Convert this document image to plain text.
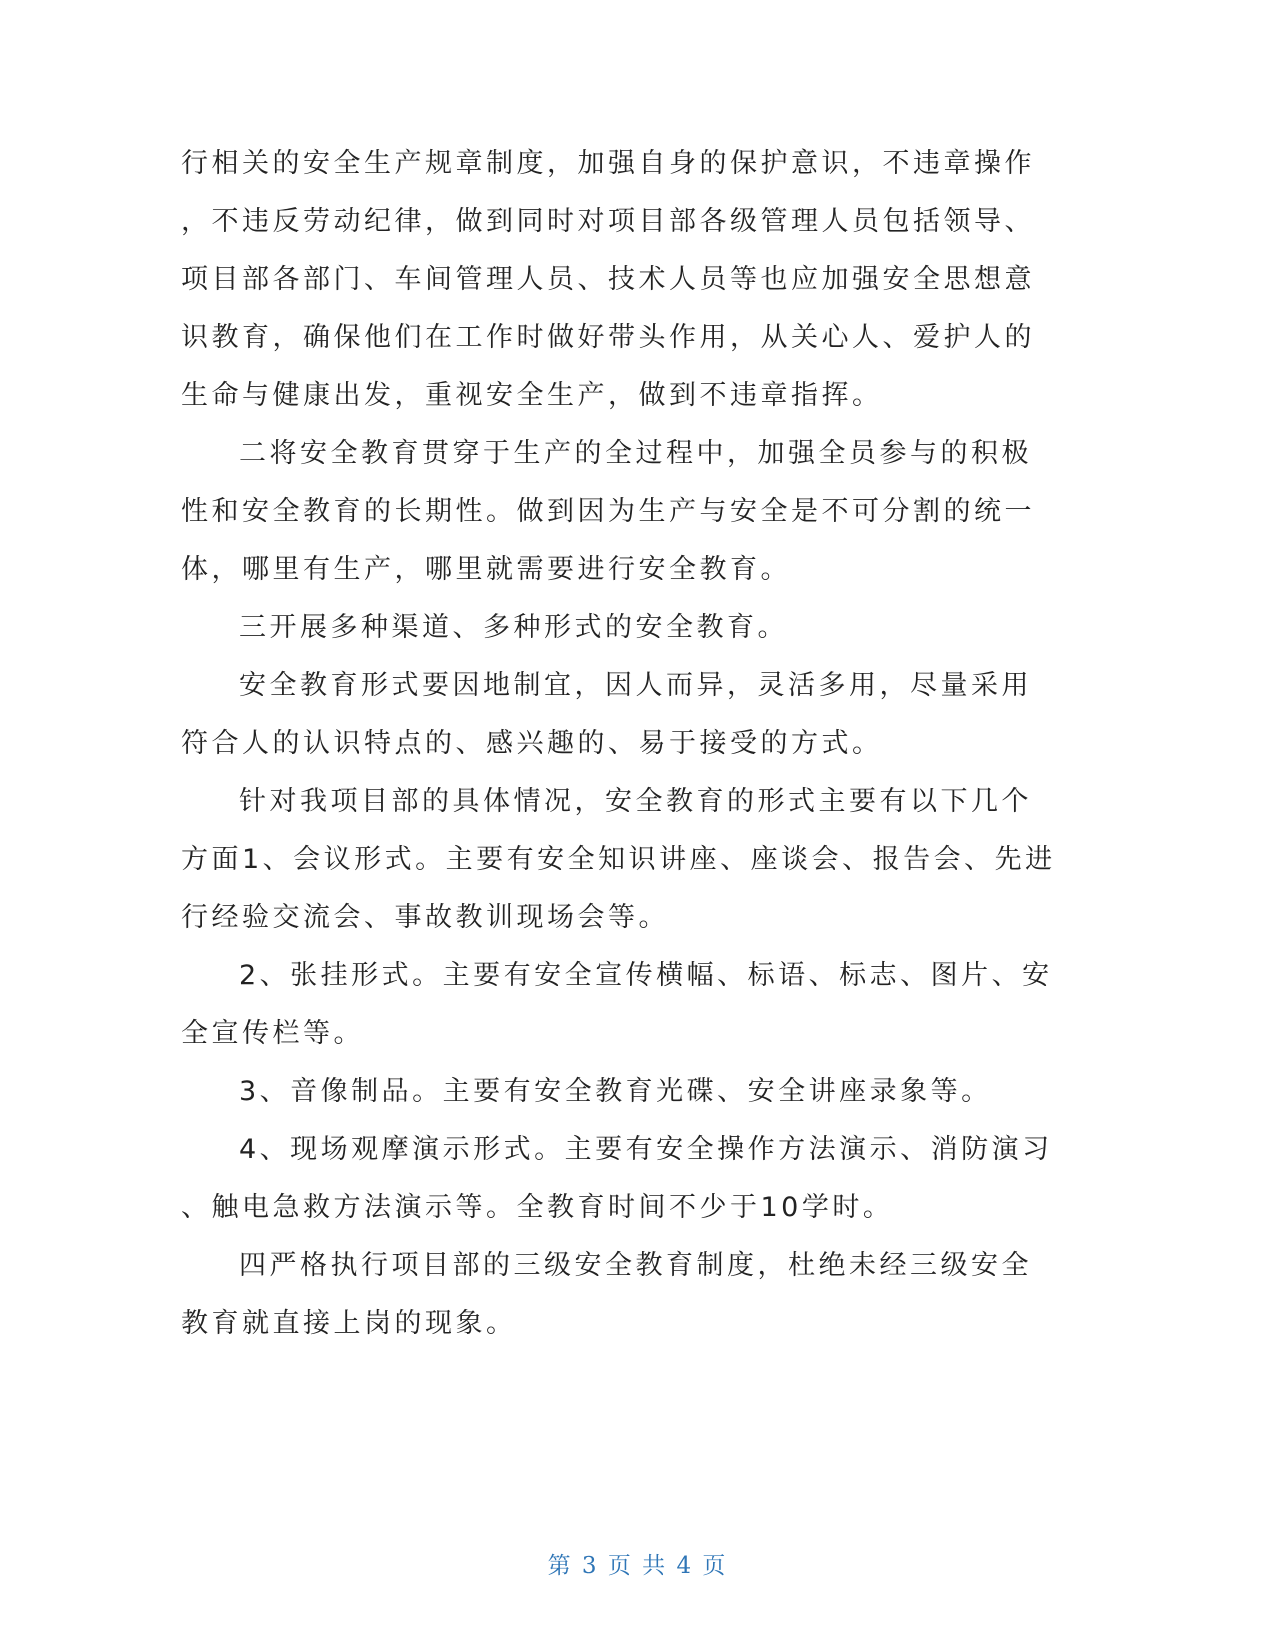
行相关的安全生产规章制度，加强自身的保护意识，不违章操作
，不违反劳动纪律，做到同时对项目部各级管理人员包括领导、
项目部各部门、车间管理人员、技术人员等也应加强安全思想意
识教育，确保他们在工作时做好带头作用，从关心人、爱护人的
生命与健康出发，重视安全生产，做到不违章指挥。
二将安全教育贯穿于生产的全过程中，加强全员参与的积极
性和安全教育的长期性。做到因为生产与安全是不可分割的统一
体，哪里有生产，哪里就需要进行安全教育。
三开展多种渠道、多种形式的安全教育。
安全教育形式要因地制宜，因人而异，灵活多用，尽量采用
符合人的认识特点的、感兴趣的、易于接受的方式。
针对我项目部的具体情况，安全教育的形式主要有以下几个
方面1、会议形式。主要有安全知识讲座、座谈会、报告会、先进
行经验交流会、事故教训现场会等。
2、张挂形式。主要有安全宣传横幅、标语、标志、图片、安
全宣传栏等。
3、音像制品。主要有安全教育光碟、安全讲座录象等。
4、现场观摩演示形式。主要有安全操作方法演示、消防演习
、触电急救方法演示等。全教育时间不少于10学时。
四严格执行项目部的三级安全教育制度，杜绝未经三级安全
教育就直接上岗的现象。
第 3 页 共 4 页
